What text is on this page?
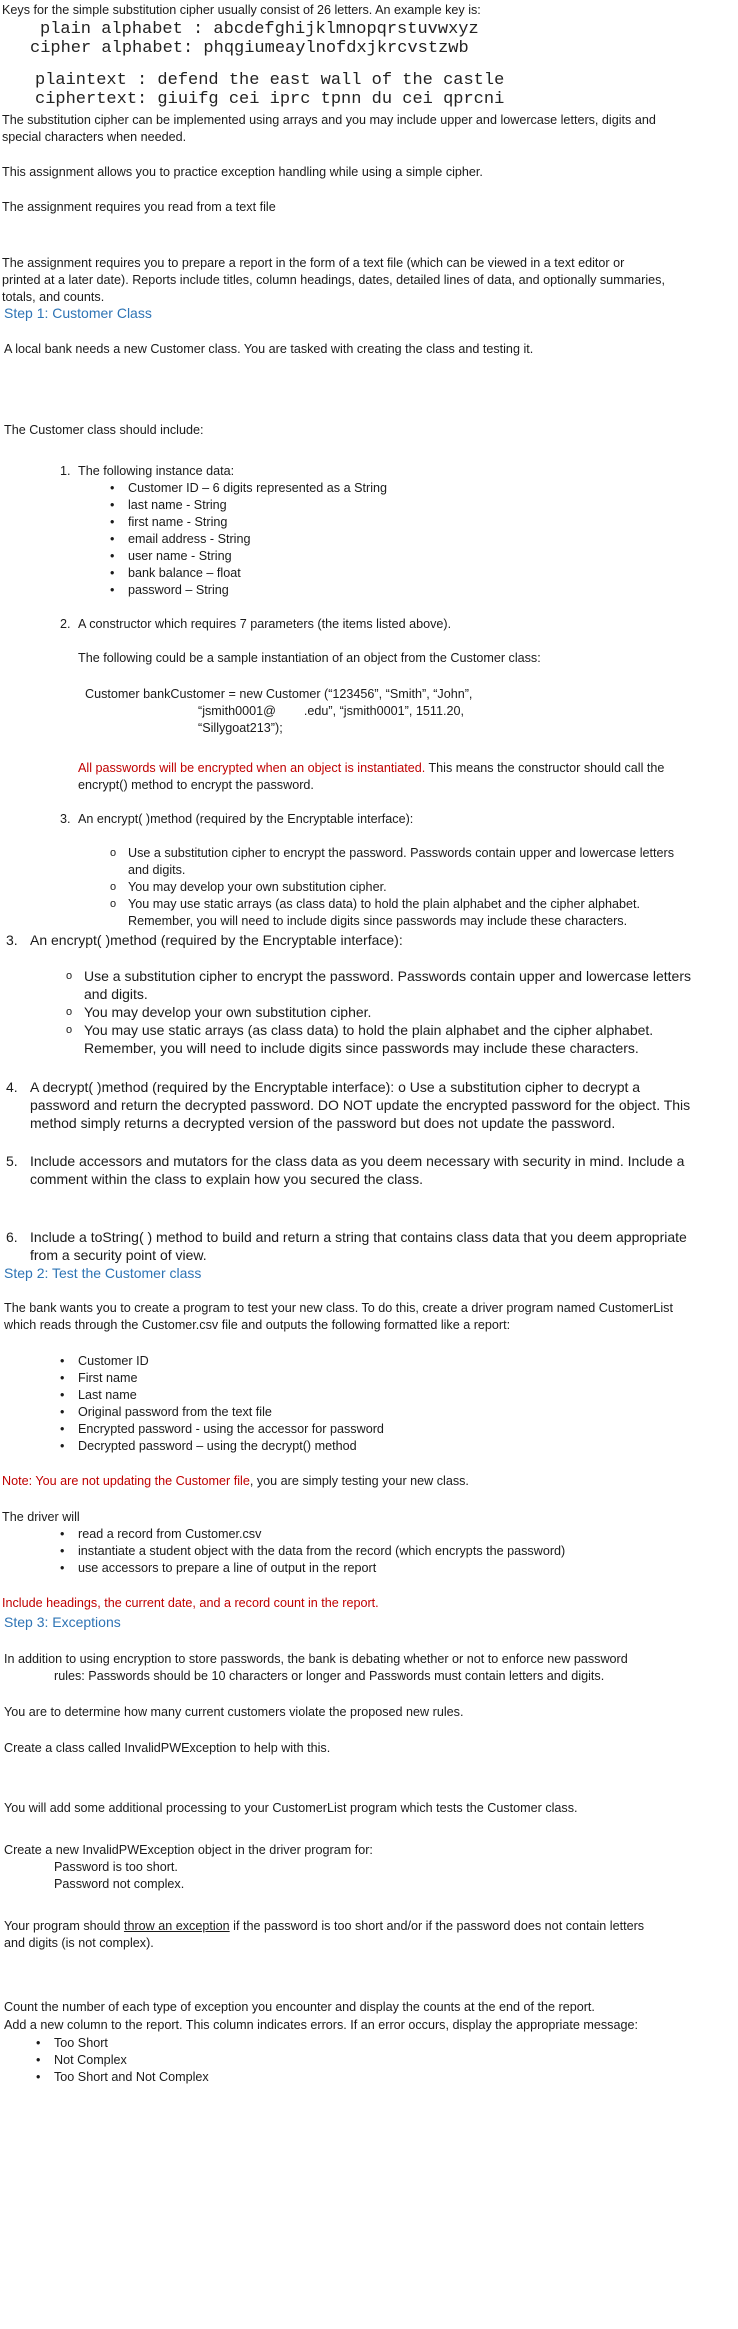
Keys for the simple substitution cipher usually consist of 26 letters. An example key is:

plain alphabet : abcdefghijklmnopqrstuvwxyz
cipher alphabet: phqgiumeaylnofdxjkrcvstzwb
plaintext : defend the east wall of the castle
ciphertext: giuifg cei iprc tpnn du cei qprcni

The substitution cipher can be implemented using arrays and you may include upper and lowercase letters, digits and

special characters when needed.

This assignment allows you to practice exception handling while using a simple cipher.

The assignment requires you read from a text file

The assignment requires you to prepare a report in the form of a text file (which can be viewed in a text editor or

printed at a later date). Reports include titles, column headings, dates, detailed lines of data, and optionally summaries,

totals, and counts.

Step 1: Customer Class

A local bank needs a new Customer class. You are tasked with creating the class and testing it.

The Customer class should include:

1. The following instance data:
• Customer ID – 6 digits represented as a String
• last name - String
• first name - String
• email address - String
• user name - String
• bank balance – float
• password – String
2. A constructor which requires 7 parameters (the items listed above).
The following could be a sample instantiation of an object from the Customer class:
Customer bankCustomer = new Customer (“123456”, “Smith”, “John”,
“jsmith0001@        .edu”, “jsmith0001”, 1511.20,
“Sillygoat213”);
All passwords will be encrypted when an object is instantiated. This means the constructor should call the
encrypt() method to encrypt the password.
3. An encrypt( )method (required by the Encryptable interface):
o Use a substitution cipher to encrypt the password. Passwords contain upper and lowercase letters
and digits.
o You may develop your own substitution cipher.
o You may use static arrays (as class data) to hold the plain alphabet and the cipher alphabet.
Remember, you will need to include digits since passwords may include these characters.
3. An encrypt( )method (required by the Encryptable interface):
o Use a substitution cipher to encrypt the password. Passwords contain upper and lowercase letters
and digits.
o You may develop your own substitution cipher.
o You may use static arrays (as class data) to hold the plain alphabet and the cipher alphabet.
Remember, you will need to include digits since passwords may include these characters.
4. A decrypt( )method (required by the Encryptable interface): o Use a substitution cipher to decrypt a
password and return the decrypted password. DO NOT update the encrypted password for the object. This
method simply returns a decrypted version of the password but does not update the password.
5. Include accessors and mutators for the class data as you deem necessary with security in mind. Include a
comment within the class to explain how you secured the class.
6. Include a toString( ) method to build and return a string that contains class data that you deem appropriate
from a security point of view.

Step 2: Test the Customer class

The bank wants you to create a program to test your new class. To do this, create a driver program named CustomerList

which reads through the Customer.csv file and outputs the following formatted like a report:

• Customer ID
• First name
• Last name
• Original password from the text file
• Encrypted password - using the accessor for password
• Decrypted password – using the decrypt() method

Note: You are not updating the Customer file, you are simply testing your new class.

The driver will

• read a record from Customer.csv
• instantiate a student object with the data from the record (which encrypts the password)
• use accessors to prepare a line of output in the report

Include headings, the current date, and a record count in the report.

Step 3: Exceptions

In addition to using encryption to store passwords, the bank is debating whether or not to enforce new password

rules: Passwords should be 10 characters or longer and Passwords must contain letters and digits.

You are to determine how many current customers violate the proposed new rules.

Create a class called InvalidPWException to help with this.

You will add some additional processing to your CustomerList program which tests the Customer class.

Create a new InvalidPWException object in the driver program for:

Password is too short.
Password not complex.

Your program should throw an exception if the password is too short and/or if the password does not contain letters

and digits (is not complex).

Count the number of each type of exception you encounter and display the counts at the end of the report.

Add a new column to the report. This column indicates errors. If an error occurs, display the appropriate message:

• Too Short
• Not Complex
• Too Short and Not Complex
